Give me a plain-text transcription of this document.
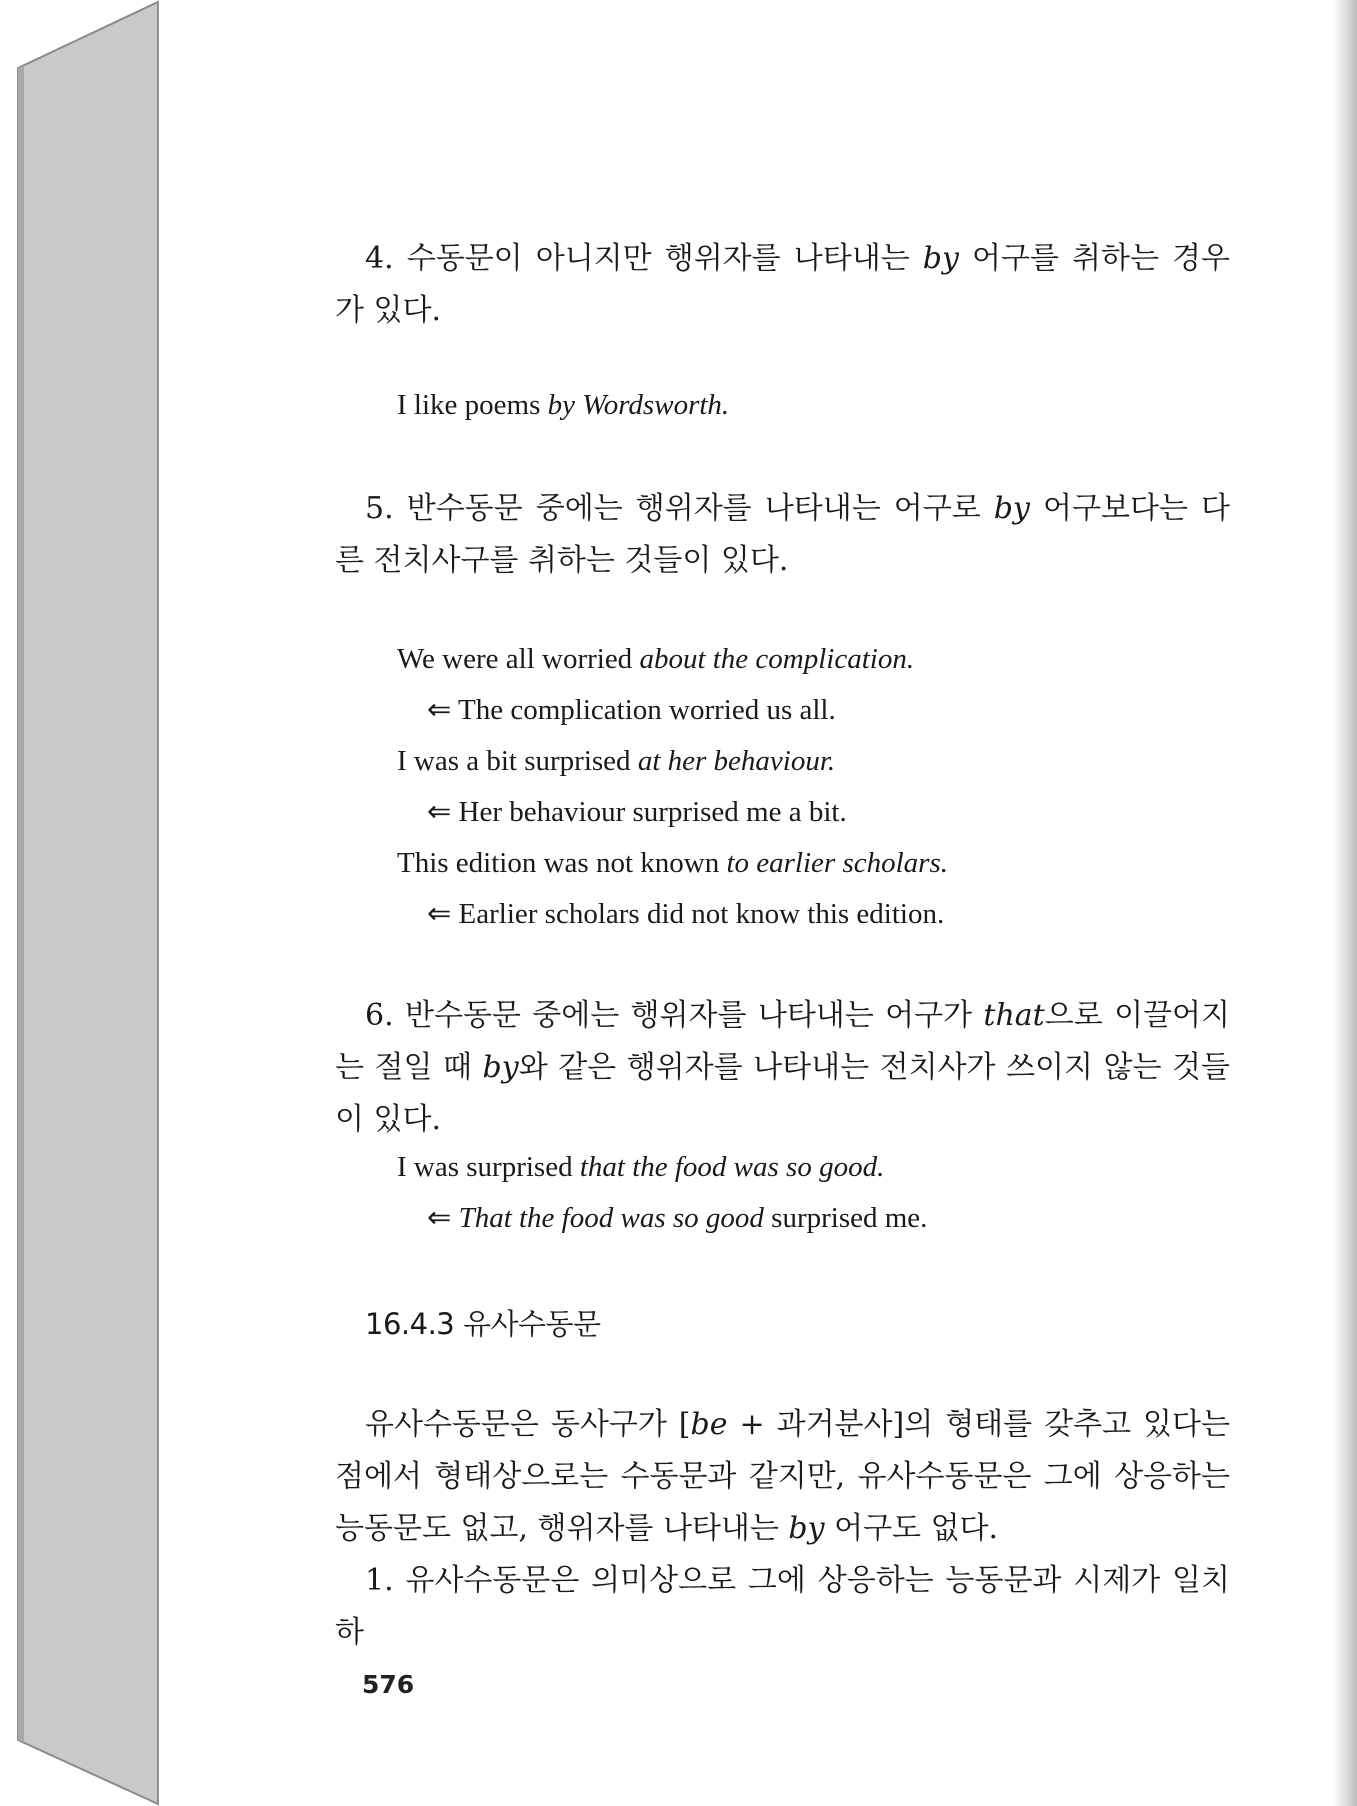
4. 수동문이 아니지만 행위자를 나타내는 by 어구를 취하는 경우가 있다.

I like poems by Wordsworth.

5. 반수동문 중에는 행위자를 나타내는 어구로 by 어구보다는 다른 전치사구를 취하는 것들이 있다.

We were all worried about the complication.

⇐ The complication worried us all.

I was a bit surprised at her behaviour.

⇐ Her behaviour surprised me a bit.

This edition was not known to earlier scholars.

⇐ Earlier scholars did not know this edition.

6. 반수동문 중에는 행위자를 나타내는 어구가 that으로 이끌어지는 절일 때 by와 같은 행위자를 나타내는 전치사가 쓰이지 않는 것들이 있다.

I was surprised that the food was so good.

⇐ That the food was so good surprised me.

16.4.3 유사수동문

유사수동문은 동사구가 [be + 과거분사]의 형태를 갖추고 있다는 점에서 형태상으로는 수동문과 같지만, 유사수동문은 그에 상응하는 능동문도 없고, 행위자를 나타내는 by 어구도 없다.

1. 유사수동문은 의미상으로 그에 상응하는 능동문과 시제가 일치하

576
